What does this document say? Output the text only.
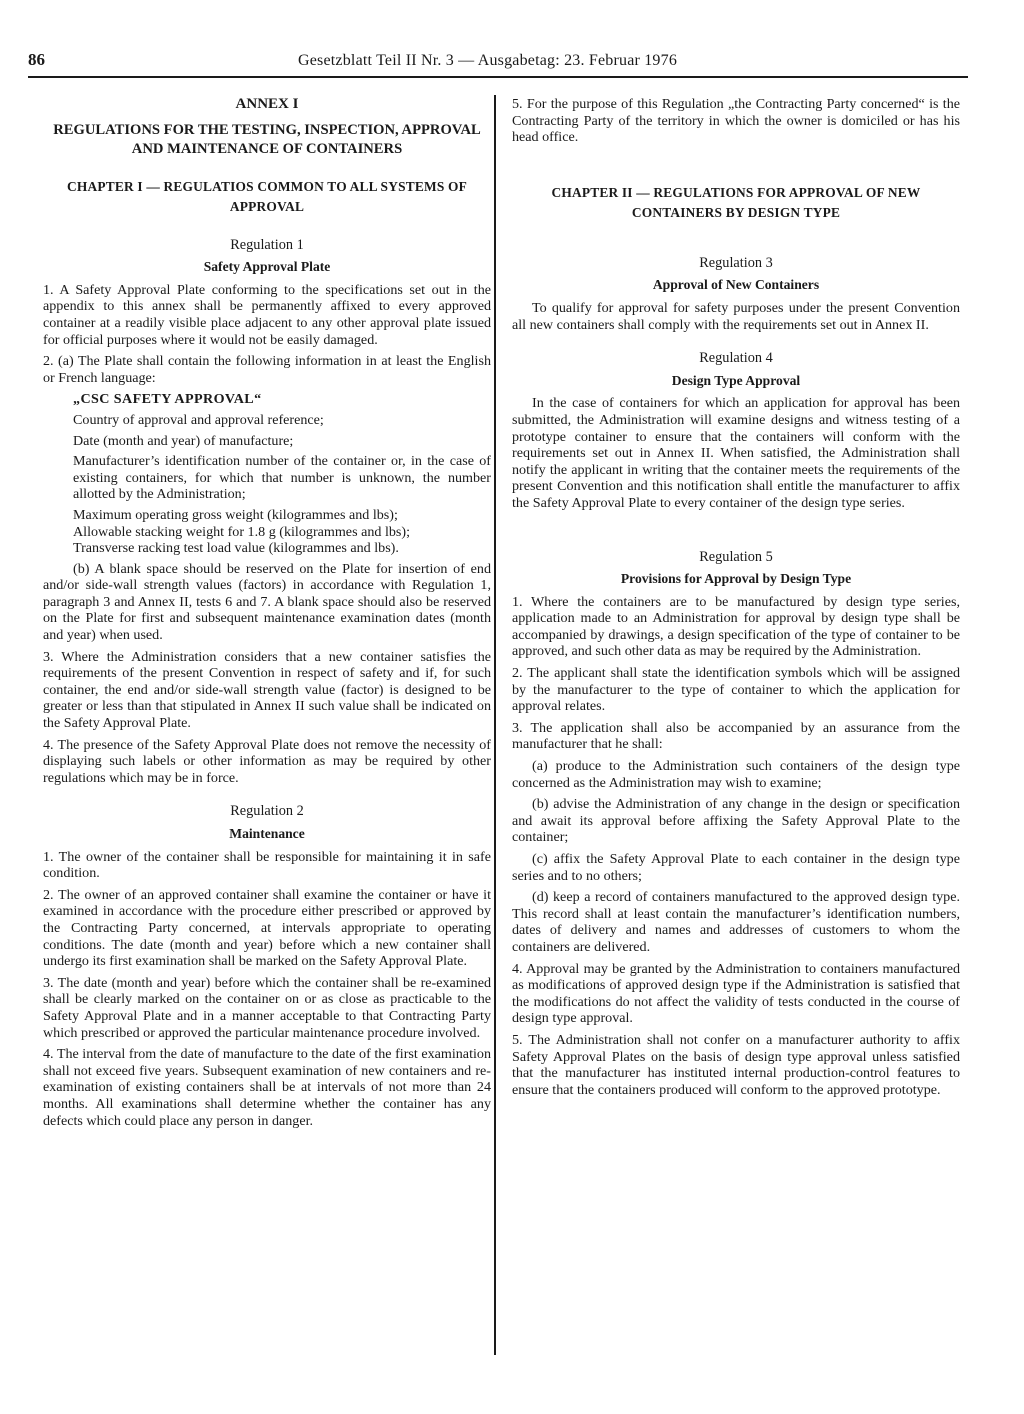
86	Gesetzblatt Teil II Nr. 3 — Ausgabetag: 23. Februar 1976

ANNEX I

REGULATIONS FOR THE TESTING, INSPECTION, APPROVAL AND MAINTENANCE OF CONTAINERS

CHAPTER I — REGULATIOS COMMON TO ALL SYSTEMS OF APPROVAL

Regulation 1

Safety Approval Plate

1. A Safety Approval Plate conforming to the specifications set out in the appendix to this annex shall be permanently affixed to every approved container at a readily visible place adjacent to any other approval plate issued for official purposes where it would not be easily damaged.

2. (a) The Plate shall contain the following information in at least the English or French language:

„CSC SAFETY APPROVAL“

Country of approval and approval reference;

Date (month and year) of manufacture;

Manufacturer’s identification number of the container or, in the case of existing containers, for which that number is unknown, the number allotted by the Administration;

Maximum operating gross weight (kilogrammes and lbs);

Allowable stacking weight for 1.8 g (kilogrammes and lbs);

Transverse racking test load value (kilogrammes and lbs).

(b) A blank space should be reserved on the Plate for insertion of end and/or side-wall strength values (factors) in accordance with Regulation 1, paragraph 3 and Annex II, tests 6 and 7. A blank space should also be reserved on the Plate for first and subsequent maintenance examination dates (month and year) when used.

3. Where the Administration considers that a new container satisfies the requirements of the present Convention in respect of safety and if, for such container, the end and/or side-wall strength value (factor) is designed to be greater or less than that stipulated in Annex II such value shall be indicated on the Safety Approval Plate.

4. The presence of the Safety Approval Plate does not remove the necessity of displaying such labels or other information as may be required by other regulations which may be in force.

Regulation 2

Maintenance

1. The owner of the container shall be responsible for maintaining it in safe condition.

2. The owner of an approved container shall examine the container or have it examined in accordance with the procedure either prescribed or approved by the Contracting Party concerned, at intervals appropriate to operating conditions. The date (month and year) before which a new container shall undergo its first examination shall be marked on the Safety Approval Plate.

3. The date (month and year) before which the container shall be re-examined shall be clearly marked on the container on or as close as practicable to the Safety Approval Plate and in a manner acceptable to that Contracting Party which prescribed or approved the particular maintenance procedure involved.

4. The interval from the date of manufacture to the date of the first examination shall not exceed five years. Subsequent examination of new containers and re-examination of existing containers shall be at intervals of not more than 24 months. All examinations shall determine whether the container has any defects which could place any person in danger.

5. For the purpose of this Regulation „the Contracting Party concerned“ is the Contracting Party of the territory in which the owner is domiciled or has his head office.

CHAPTER II — REGULATIONS FOR APPROVAL OF NEW CONTAINERS BY DESIGN TYPE

Regulation 3

Approval of New Containers

To qualify for approval for safety purposes under the present Convention all new containers shall comply with the requirements set out in Annex II.

Regulation 4

Design Type Approval

In the case of containers for which an application for approval has been submitted, the Administration will examine designs and witness testing of a prototype container to ensure that the containers will conform with the requirements set out in Annex II. When satisfied, the Administration shall notify the applicant in writing that the container meets the requirements of the present Convention and this notification shall entitle the manufacturer to affix the Safety Approval Plate to every container of the design type series.

Regulation 5

Provisions for Approval by Design Type

1. Where the containers are to be manufactured by design type series, application made to an Administration for approval by design type shall be accompanied by drawings, a design specification of the type of container to be approved, and such other data as may be required by the Administration.

2. The applicant shall state the identification symbols which will be assigned by the manufacturer to the type of container to which the application for approval relates.

3. The application shall also be accompanied by an assurance from the manufacturer that he shall:

(a) produce to the Administration such containers of the design type concerned as the Administration may wish to examine;

(b) advise the Administration of any change in the design or specification and await its approval before affixing the Safety Approval Plate to the container;

(c) affix the Safety Approval Plate to each container in the design type series and to no others;

(d) keep a record of containers manufactured to the approved design type. This record shall at least contain the manufacturer’s identification numbers, dates of delivery and names and addresses of customers to whom the containers are delivered.

4. Approval may be granted by the Administration to containers manufactured as modifications of approved design type if the Administration is satisfied that the modifications do not affect the validity of tests conducted in the course of design type approval.

5. The Administration shall not confer on a manufacturer authority to affix Safety Approval Plates on the basis of design type approval unless satisfied that the manufacturer has instituted internal production-control features to ensure that the containers produced will conform to the approved prototype.
